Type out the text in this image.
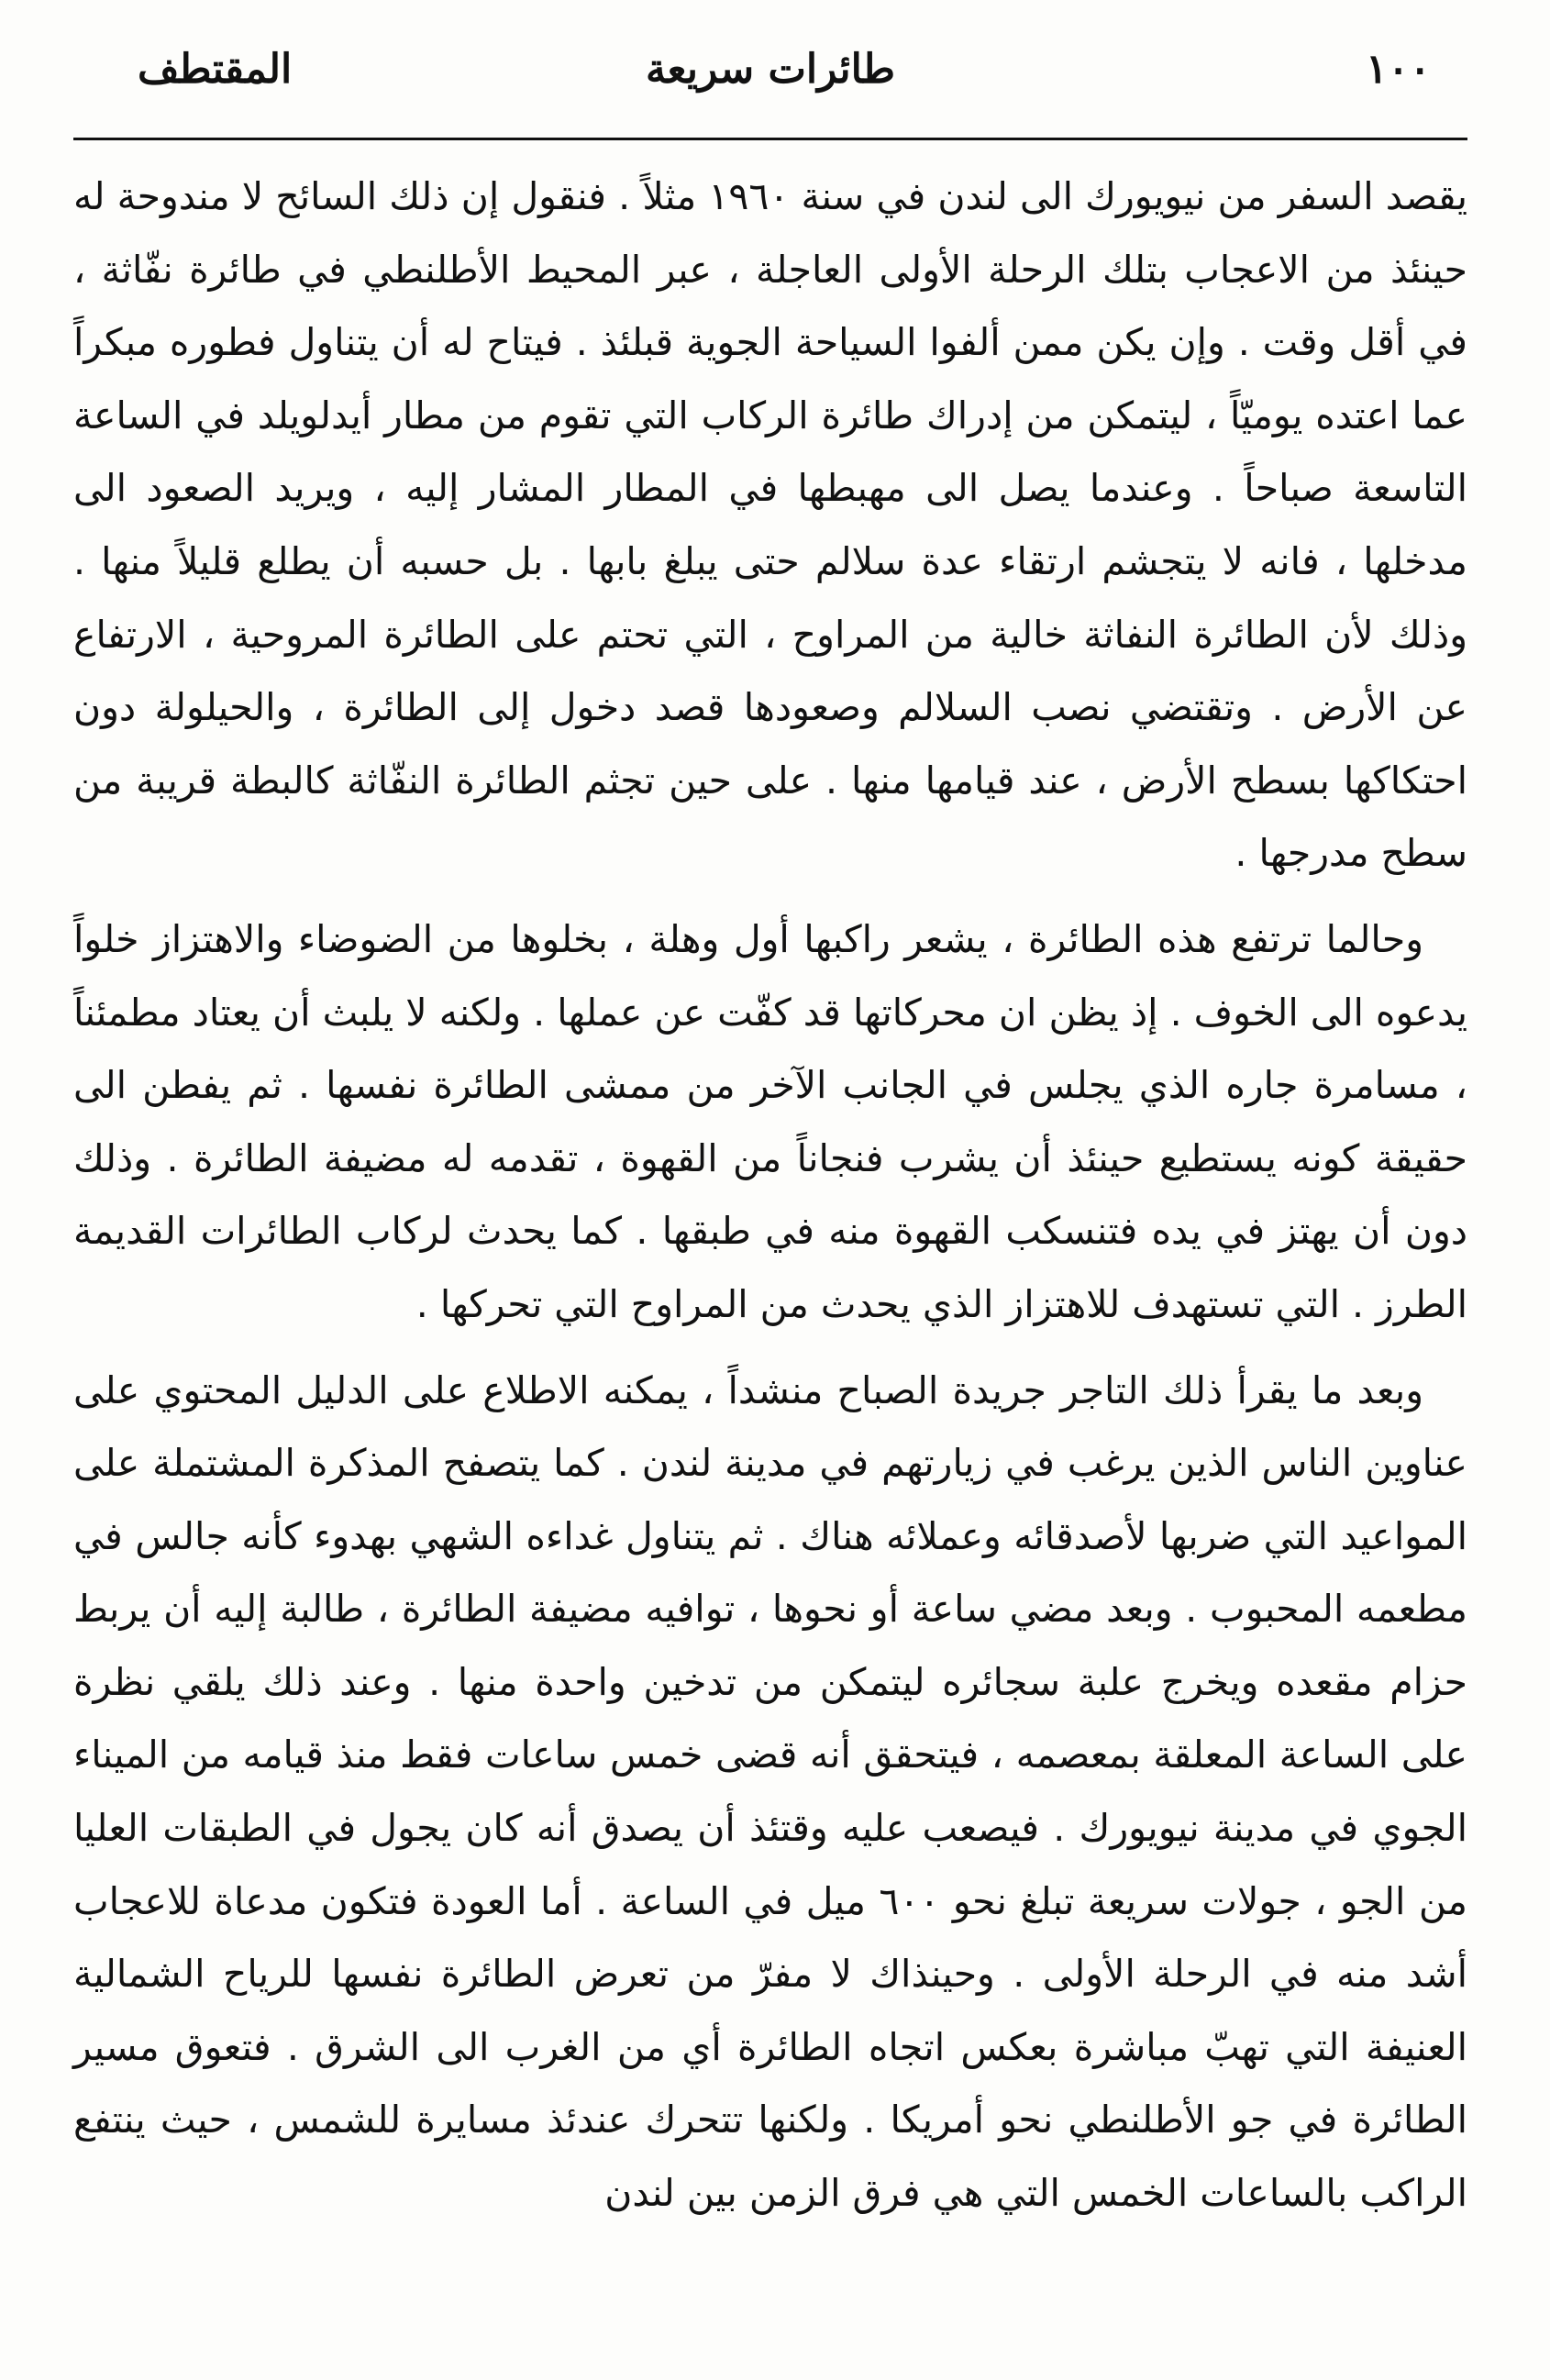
١٠٠
طائرات سريعة
المقتطف

يقصد السفر من نيويورك الى لندن في سنة ١٩٦٠ مثلاً . فنقول إن ذلك السائح لا مندوحة له حينئذ من الاعجاب بتلك الرحلة الأولى العاجلة ، عبر المحيط الأطلنطي في طائرة نفّاثة ، في أقل وقت . وإن يكن ممن ألفوا السياحة الجوية قبلئذ . فيتاح له أن يتناول فطوره مبكراً عما اعتده يوميّاً ، ليتمكن من إدراك طائرة الركاب التي تقوم من مطار أيدلويلد في الساعة التاسعة صباحاً . وعندما يصل الى مهبطها في المطار المشار إليه ، ويريد الصعود الى مدخلها ، فانه لا يتجشم ارتقاء عدة سلالم حتى يبلغ بابها . بل حسبه أن يطلع قليلاً منها . وذلك لأن الطائرة النفاثة خالية من المراوح ، التي تحتم على الطائرة المروحية ، الارتفاع عن الأرض . وتقتضي نصب السلالم وصعودها قصد دخول إلى الطائرة ، والحيلولة دون احتكاكها بسطح الأرض ، عند قيامها منها . على حين تجثم الطائرة النفّاثة كالبطة قريبة من سطح مدرجها .

وحالما ترتفع هذه الطائرة ، يشعر راكبها أول وهلة ، بخلوها من الضوضاء والاهتزاز خلواً يدعوه الى الخوف . إذ يظن ان محركاتها قد كفّت عن عملها . ولكنه لا يلبث أن يعتاد مطمئناً ، مسامرة جاره الذي يجلس في الجانب الآخر من ممشى الطائرة نفسها . ثم يفطن الى حقيقة كونه يستطيع حينئذ أن يشرب فنجاناً من القهوة ، تقدمه له مضيفة الطائرة . وذلك دون أن يهتز في يده فتنسكب القهوة منه في طبقها . كما يحدث لركاب الطائرات القديمة الطرز . التي تستهدف للاهتزاز الذي يحدث من المراوح التي تحركها .

وبعد ما يقرأ ذلك التاجر جريدة الصباح منشداً ، يمكنه الاطلاع على الدليل المحتوي على عناوين الناس الذين يرغب في زيارتهم في مدينة لندن . كما يتصفح المذكرة المشتملة على المواعيد التي ضربها لأصدقائه وعملائه هناك . ثم يتناول غداءه الشهي بهدوء كأنه جالس في مطعمه المحبوب . وبعد مضي ساعة أو نحوها ، توافيه مضيفة الطائرة ، طالبة إليه أن يربط حزام مقعده ويخرج علبة سجائره ليتمكن من تدخين واحدة منها . وعند ذلك يلقي نظرة على الساعة المعلقة بمعصمه ، فيتحقق أنه قضى خمس ساعات فقط منذ قيامه من الميناء الجوي في مدينة نيويورك . فيصعب عليه وقتئذ أن يصدق أنه كان يجول في الطبقات العليا من الجو ، جولات سريعة تبلغ نحو ٦٠٠ ميل في الساعة . أما العودة فتكون مدعاة للاعجاب أشد منه في الرحلة الأولى . وحينذاك لا مفرّ من تعرض الطائرة نفسها للرياح الشمالية العنيفة التي تهبّ مباشرة بعكس اتجاه الطائرة أي من الغرب الى الشرق . فتعوق مسير الطائرة في جو الأطلنطي نحو أمريكا . ولكنها تتحرك عندئذ مسايرة للشمس ، حيث ينتفع الراكب بالساعات الخمس التي هي فرق الزمن بين لندن
